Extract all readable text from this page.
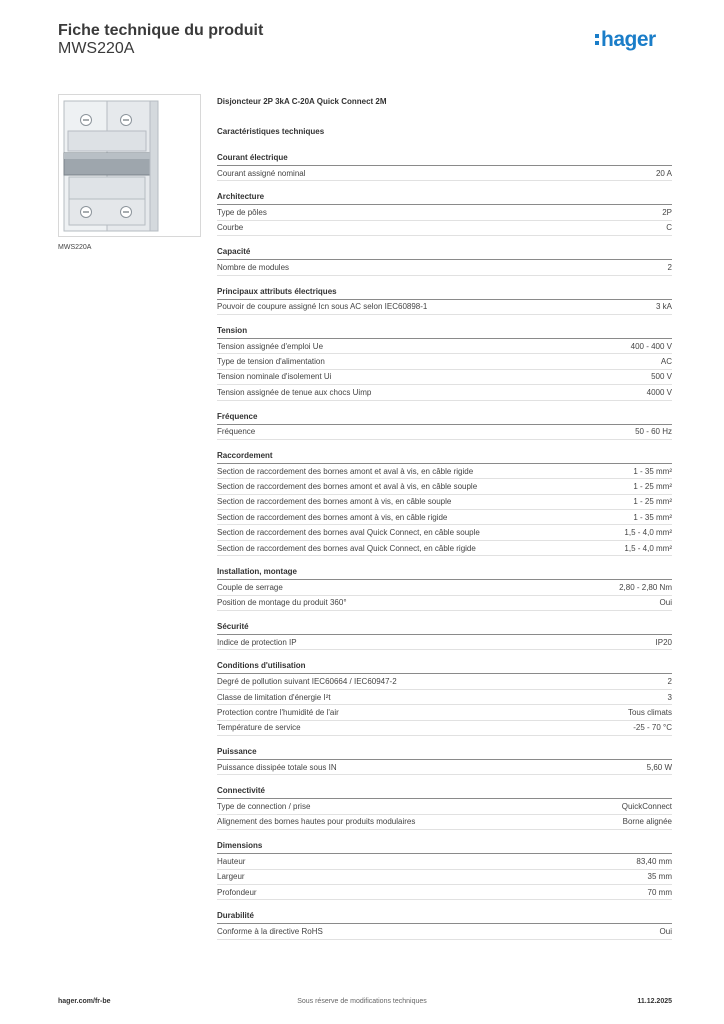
Fiche technique du produit
MWS220A	hager
MWS220A
Disjoncteur 2P 3kA C-20A Quick Connect 2M
Caractéristiques techniques
Courant électrique
Courant assigné nominal	20 A
Architecture
Type de pôles	2P
Courbe	C
Capacité
Nombre de modules	2
Principaux attributs électriques
Pouvoir de coupure assigné Icn sous AC selon IEC60898-1	3 kA
Tension
Tension assignée d'emploi Ue	400 - 400 V
Type de tension d'alimentation	AC
Tension nominale d'isolement Ui	500 V
Tension assignée de tenue aux chocs Uimp	4000 V
Fréquence
Fréquence	50 - 60 Hz
Raccordement
Section de raccordement des bornes amont et aval à vis, en câble rigide	1 - 35 mm²
Section de raccordement des bornes amont et aval à vis, en câble souple	1 - 25 mm²
Section de raccordement des bornes amont à vis, en câble souple	1 - 25 mm²
Section de raccordement des bornes amont à vis, en câble rigide	1 - 35 mm²
Section de raccordement des bornes aval Quick Connect, en câble souple	1,5 - 4,0 mm²
Section de raccordement des bornes aval Quick Connect, en câble rigide	1,5 - 4,0 mm²
Installation, montage
Couple de serrage	2,80 - 2,80 Nm
Position de montage du produit 360°	Oui
Sécurité
Indice de protection IP	IP20
Conditions d'utilisation
Degré de pollution suivant IEC60664 / IEC60947-2	2
Classe de limitation d'énergie I²t	3
Protection contre l'humidité de l'air	Tous climats
Température de service	-25 - 70 °C
Puissance
Puissance dissipée totale sous IN	5,60 W
Connectivité
Type de connection / prise	QuickConnect
Alignement des bornes hautes pour produits modulaires	Borne alignée
Dimensions
Hauteur	83,40 mm
Largeur	35 mm
Profondeur	70 mm
Durabilité
Conforme à la directive RoHS	Oui
hager.com/fr-be	Sous réserve de modifications techniques	11.12.2025
